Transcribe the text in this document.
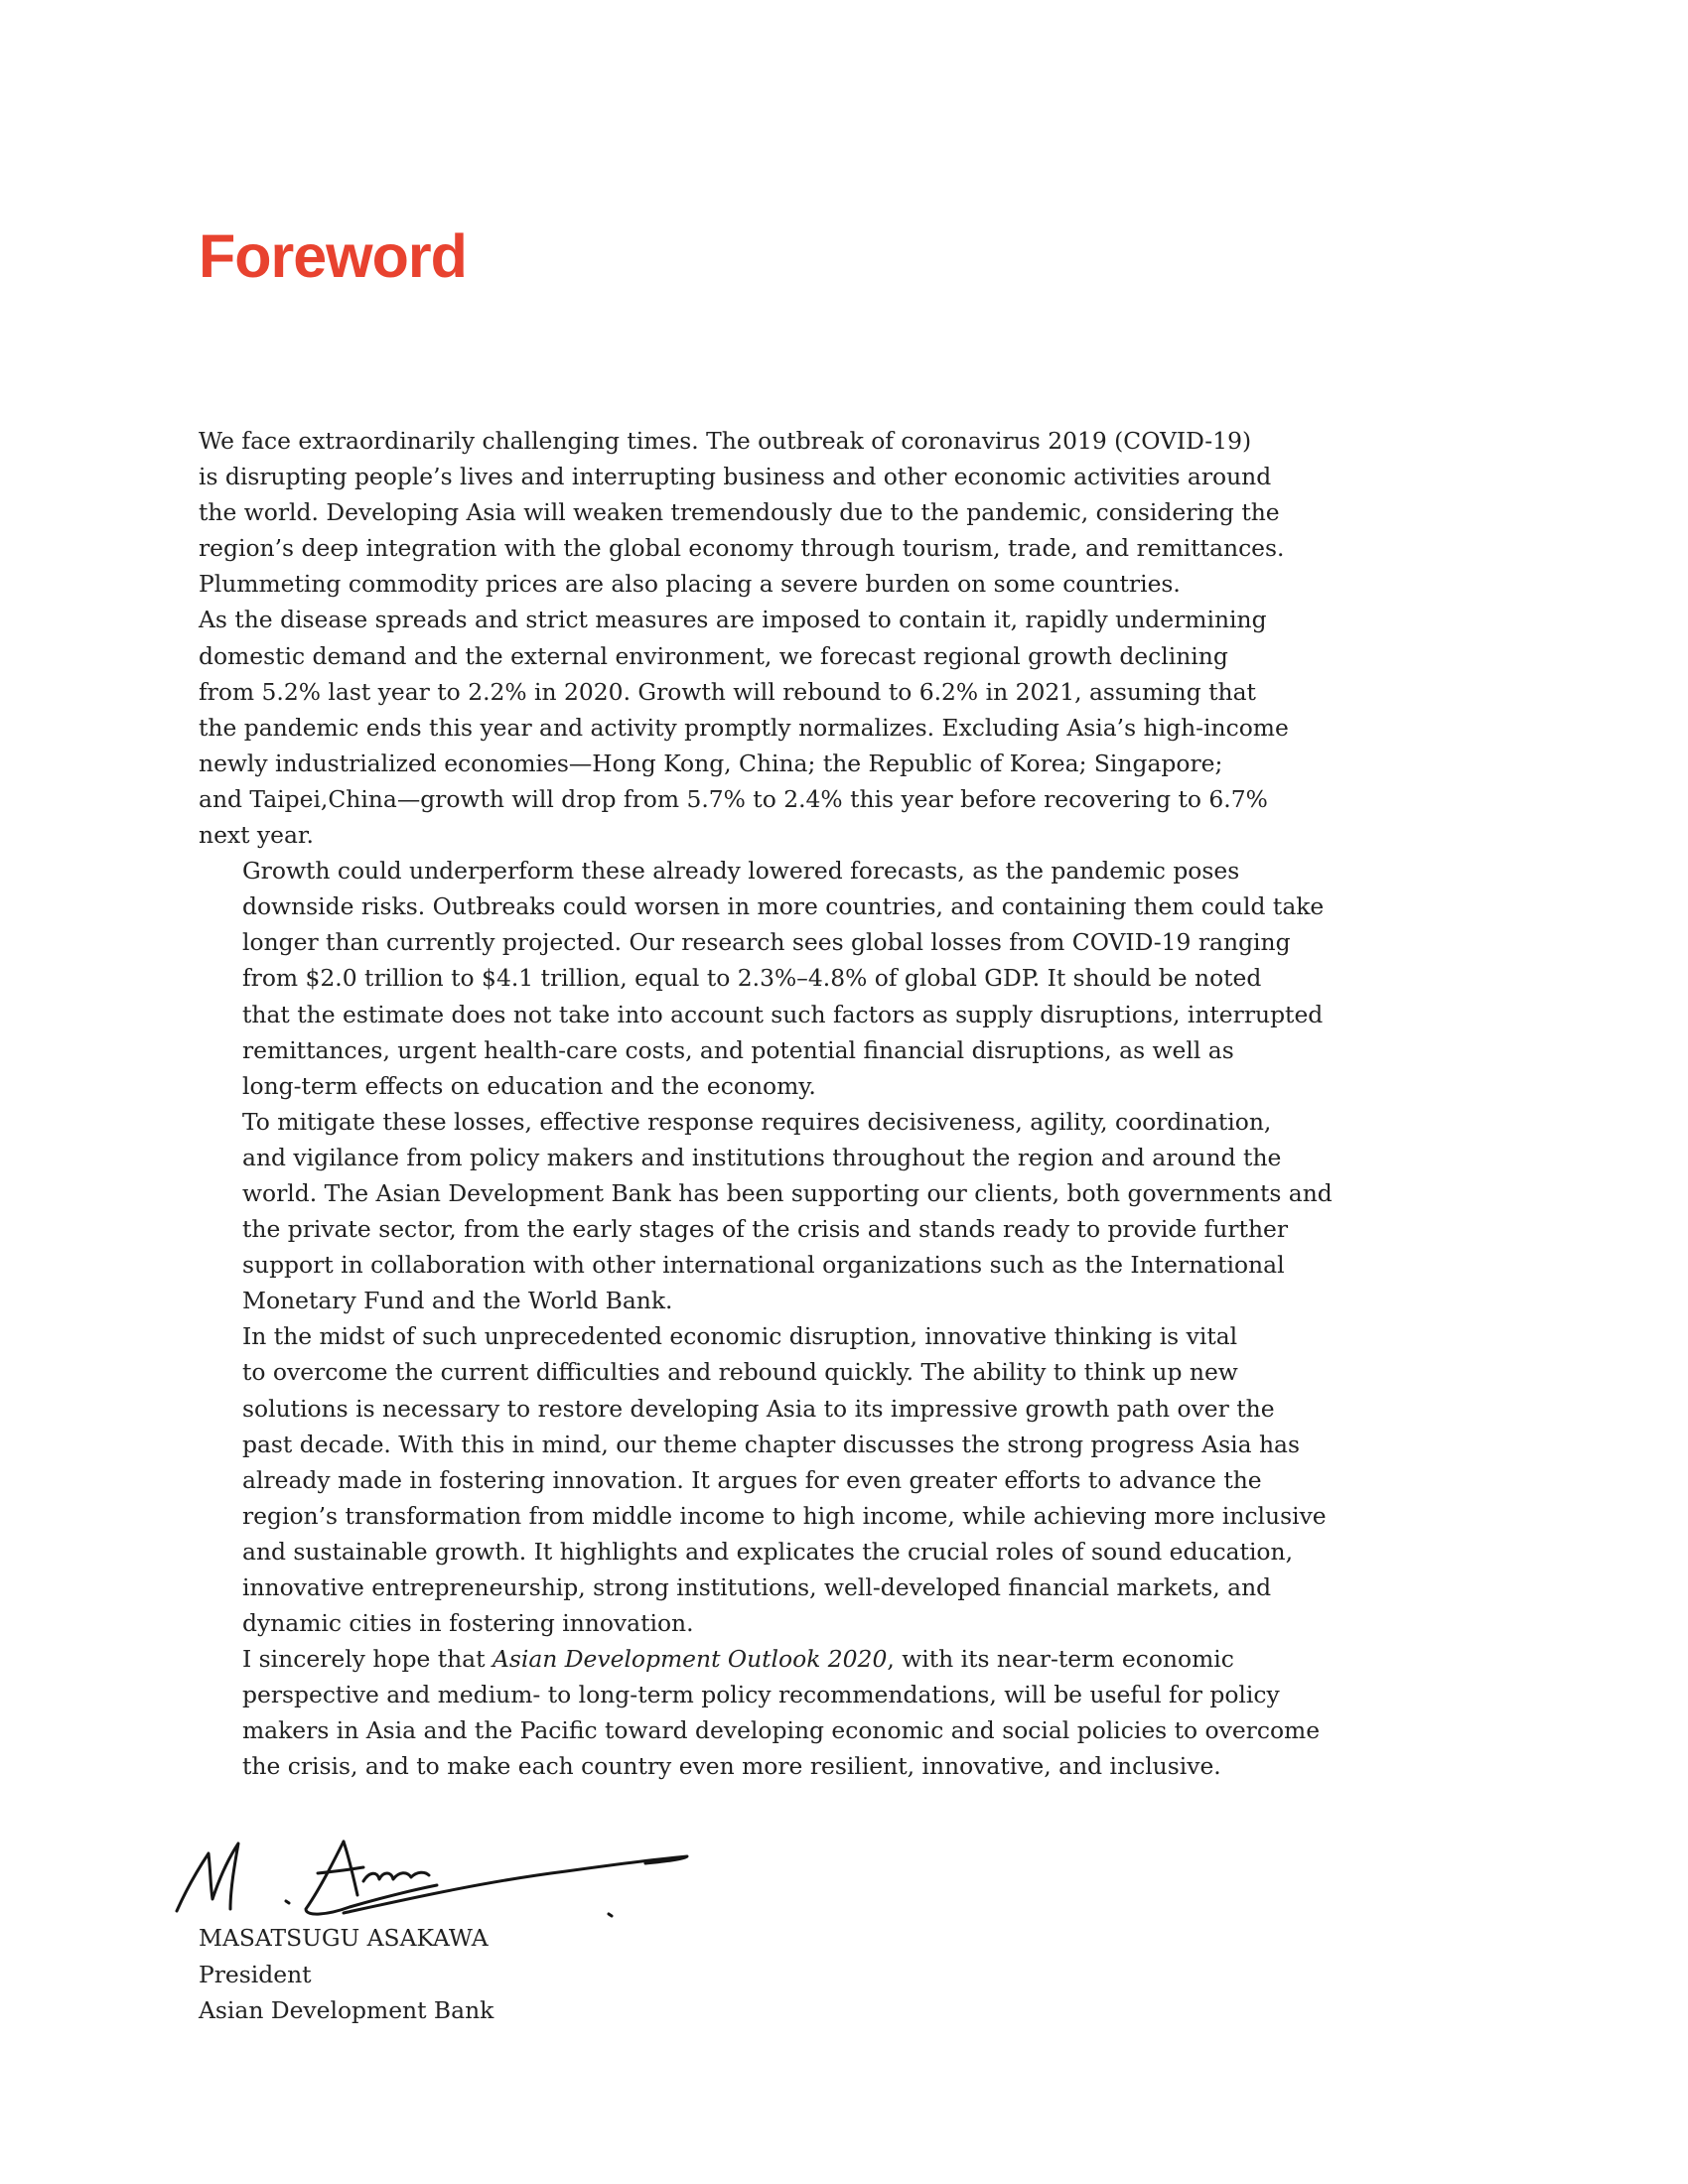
Foreword

We face extraordinarily challenging times. The outbreak of coronavirus 2019 (COVID-19)
is disrupting people’s lives and interrupting business and other economic activities around
the world. Developing Asia will weaken tremendously due to the pandemic, considering the
region’s deep integration with the global economy through tourism, trade, and remittances.
Plummeting commodity prices are also placing a severe burden on some countries.
As the disease spreads and strict measures are imposed to contain it, rapidly undermining
domestic demand and the external environment, we forecast regional growth declining
from 5.2% last year to 2.2% in 2020. Growth will rebound to 6.2% in 2021, assuming that
the pandemic ends this year and activity promptly normalizes. Excluding Asia’s high-income
newly industrialized economies—Hong Kong, China; the Republic of Korea; Singapore;
and Taipei,China—growth will drop from 5.7% to 2.4% this year before recovering to 6.7%
next year.

Growth could underperform these already lowered forecasts, as the pandemic poses
downside risks. Outbreaks could worsen in more countries, and containing them could take
longer than currently projected. Our research sees global losses from COVID-19 ranging
from $2.0 trillion to $4.1 trillion, equal to 2.3%–4.8% of global GDP. It should be noted
that the estimate does not take into account such factors as supply disruptions, interrupted
remittances, urgent health-care costs, and potential financial disruptions, as well as
long-term effects on education and the economy.

To mitigate these losses, effective response requires decisiveness, agility, coordination,
and vigilance from policy makers and institutions throughout the region and around the
world. The Asian Development Bank has been supporting our clients, both governments and
the private sector, from the early stages of the crisis and stands ready to provide further
support in collaboration with other international organizations such as the International
Monetary Fund and the World Bank.

In the midst of such unprecedented economic disruption, innovative thinking is vital
to overcome the current difficulties and rebound quickly. The ability to think up new
solutions is necessary to restore developing Asia to its impressive growth path over the
past decade. With this in mind, our theme chapter discusses the strong progress Asia has
already made in fostering innovation. It argues for even greater efforts to advance the
region’s transformation from middle income to high income, while achieving more inclusive
and sustainable growth. It highlights and explicates the crucial roles of sound education,
innovative entrepreneurship, strong institutions, well-developed financial markets, and
dynamic cities in fostering innovation.

I sincerely hope that Asian Development Outlook 2020, with its near-term economic
perspective and medium- to long-term policy recommendations, will be useful for policy
makers in Asia and the Pacific toward developing economic and social policies to overcome
the crisis, and to make each country even more resilient, innovative, and inclusive.

MASATSUGU ASAKAWA
President
Asian Development Bank
